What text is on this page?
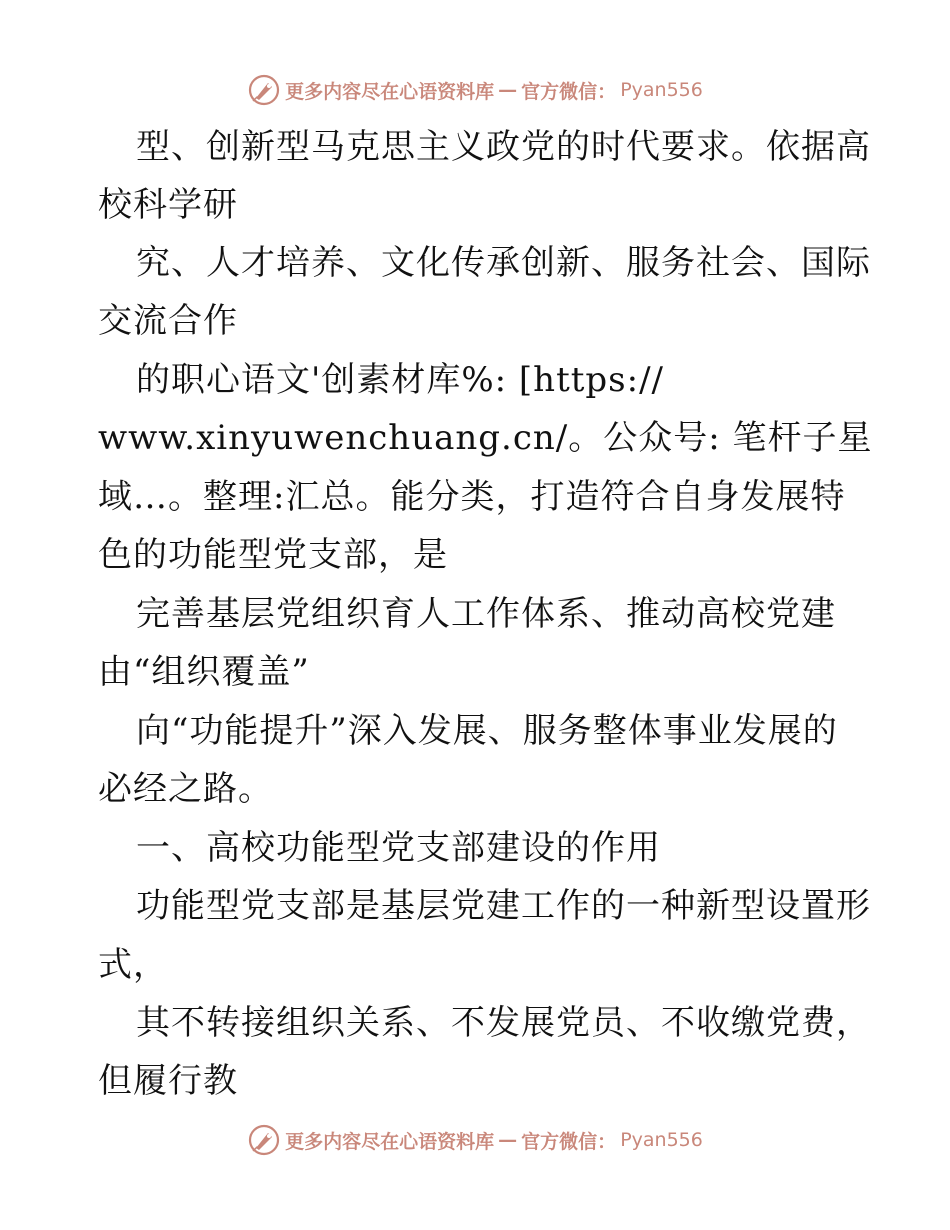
更多内容尽在心语资料库 — 官方微信： Pyan556
型、创新型马克思主义政党的时代要求。依据高
校科学研
究、人才培养、文化传承创新、服务社会、国际
交流合作
的职心语文'创素材库%: [https://
www.xinyuwenchuang.cn/。公众号: 笔杆子星
域…。整理:汇总。能分类，打造符合自身发展特
色的功能型党支部，是
完善基层党组织育人工作体系、推动高校党建
由“组织覆盖”
向“功能提升”深入发展、服务整体事业发展的
必经之路。
一、高校功能型党支部建设的作用
功能型党支部是基层党建工作的一种新型设置形
式，
其不转接组织关系、不发展党员、不收缴党费，
但履行教
更多内容尽在心语资料库 — 官方微信： Pyan556
